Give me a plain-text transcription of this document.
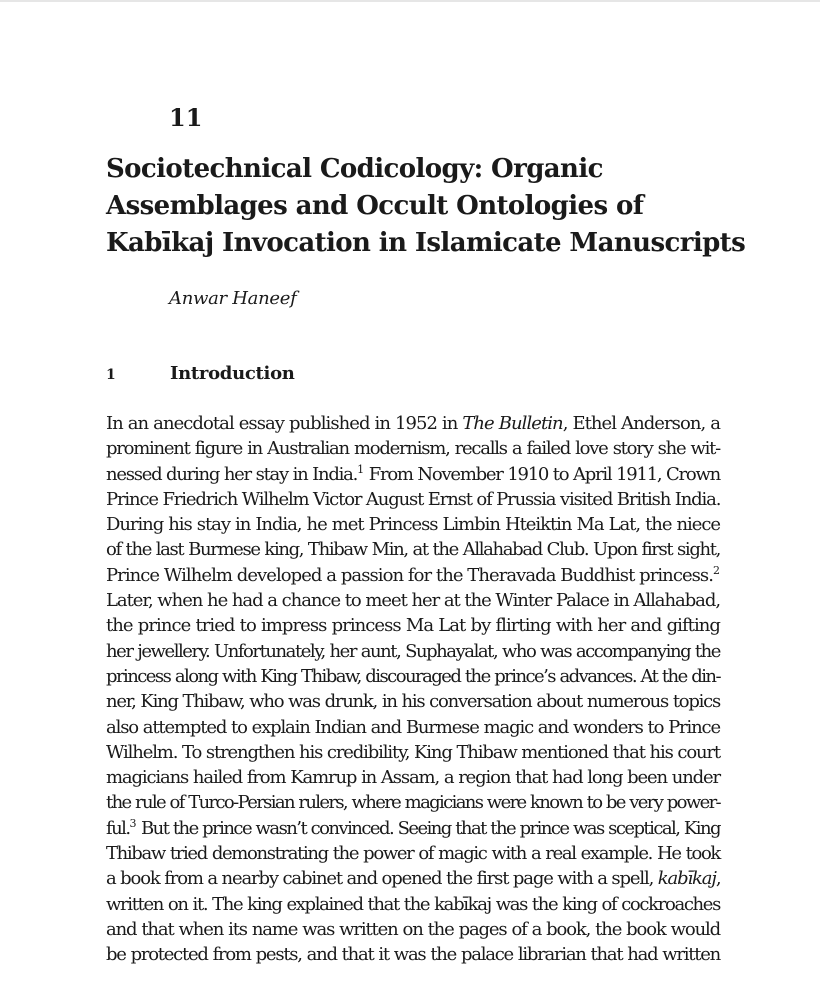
11
Sociotechnical Codicology: Organic Assemblages and Occult Ontologies of Kabīkaj Invocation in Islamicate Manuscripts
Anwar Haneef
1	Introduction
In an anecdotal essay published in 1952 in The Bulletin, Ethel Anderson, a
prominent figure in Australian modernism, recalls a failed love story she wit-
nessed during her stay in India.$^1$ From November 1910 to April 1911, Crown
Prince Friedrich Wilhelm Victor August Ernst of Prussia visited British India.
During his stay in India, he met Princess Limbin Hteiktin Ma Lat, the niece
of the last Burmese king, Thibaw Min, at the Allahabad Club. Upon first sight,
Prince Wilhelm developed a passion for the Theravada Buddhist princess.$^2$
Later, when he had a chance to meet her at the Winter Palace in Allahabad,
the prince tried to impress princess Ma Lat by flirting with her and gifting
her jewellery. Unfortunately, her aunt, Suphayalat, who was accompanying the
princess along with King Thibaw, discouraged the prince’s advances. At the din-
ner, King Thibaw, who was drunk, in his conversation about numerous topics
also attempted to explain Indian and Burmese magic and wonders to Prince
Wilhelm. To strengthen his credibility, King Thibaw mentioned that his court
magicians hailed from Kamrup in Assam, a region that had long been under
the rule of Turco-Persian rulers, where magicians were known to be very power-
ful.$^3$ But the prince wasn’t convinced. Seeing that the prince was sceptical, King
Thibaw tried demonstrating the power of magic with a real example. He took
a book from a nearby cabinet and opened the first page with a spell, kabīkaj,
written on it. The king explained that the kabīkaj was the king of cockroaches
and that when its name was written on the pages of a book, the book would
be protected from pests, and that it was the palace librarian that had written
